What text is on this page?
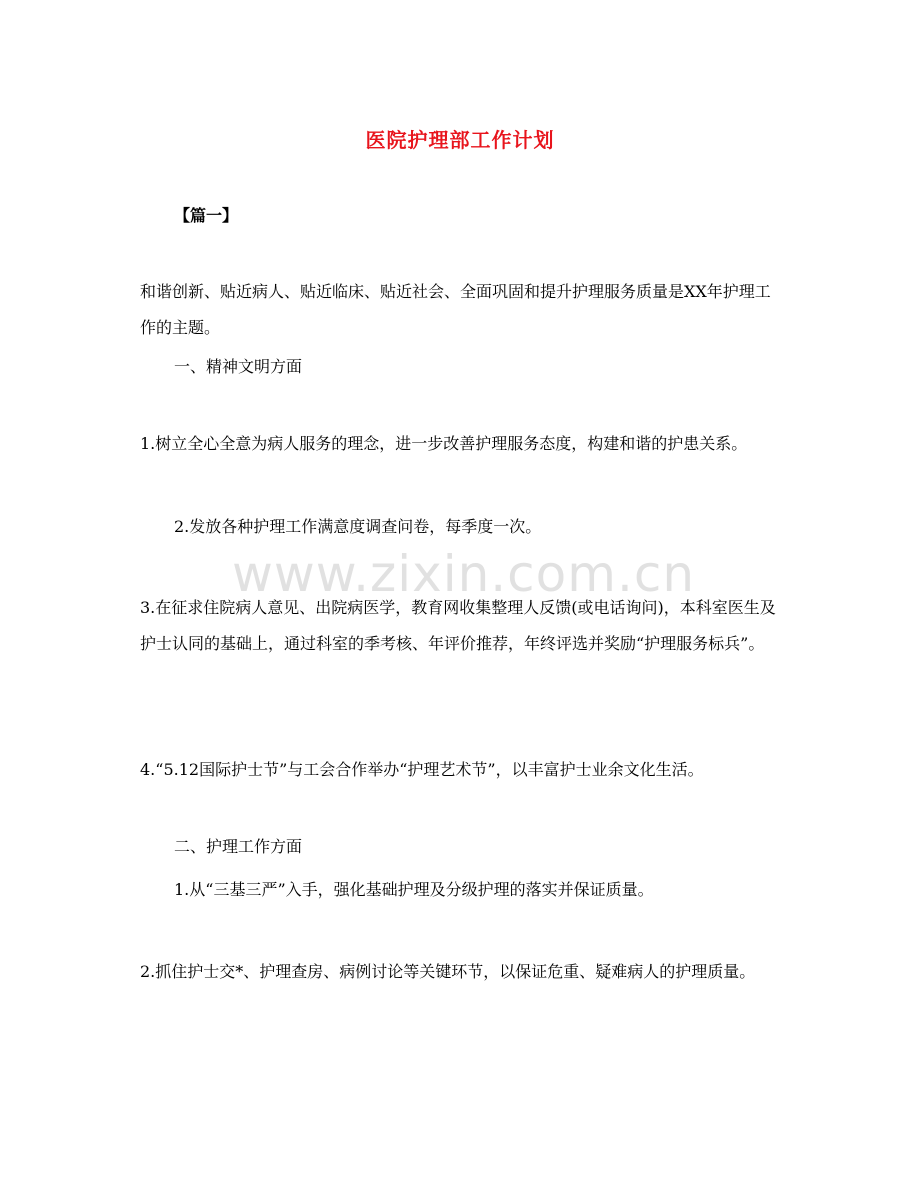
医院护理部工作计划
【篇一】

和谐创新、贴近病人、贴近临床、贴近社会、全面巩固和提升护理服务质量是XX年护理工作的主题。

一、精神文明方面

1.树立全心全意为病人服务的理念，进一步改善护理服务态度，构建和谐的护患关系。

2.发放各种护理工作满意度调查问卷，每季度一次。

3.在征求住院病人意见、出院病医学，教育网收集整理人反馈(或电话询问)，本科室医生及护士认同的基础上，通过科室的季考核、年评价推荐，年终评选并奖励“护理服务标兵”。

4.“5.12国际护士节”与工会合作举办“护理艺术节”，以丰富护士业余文化生活。

二、护理工作方面

1.从“三基三严”入手，强化基础护理及分级护理的落实并保证质量。

2.抓住护士交*、护理查房、病例讨论等关键环节，以保证危重、疑难病人的护理质量。

www.zixin.com.cn
